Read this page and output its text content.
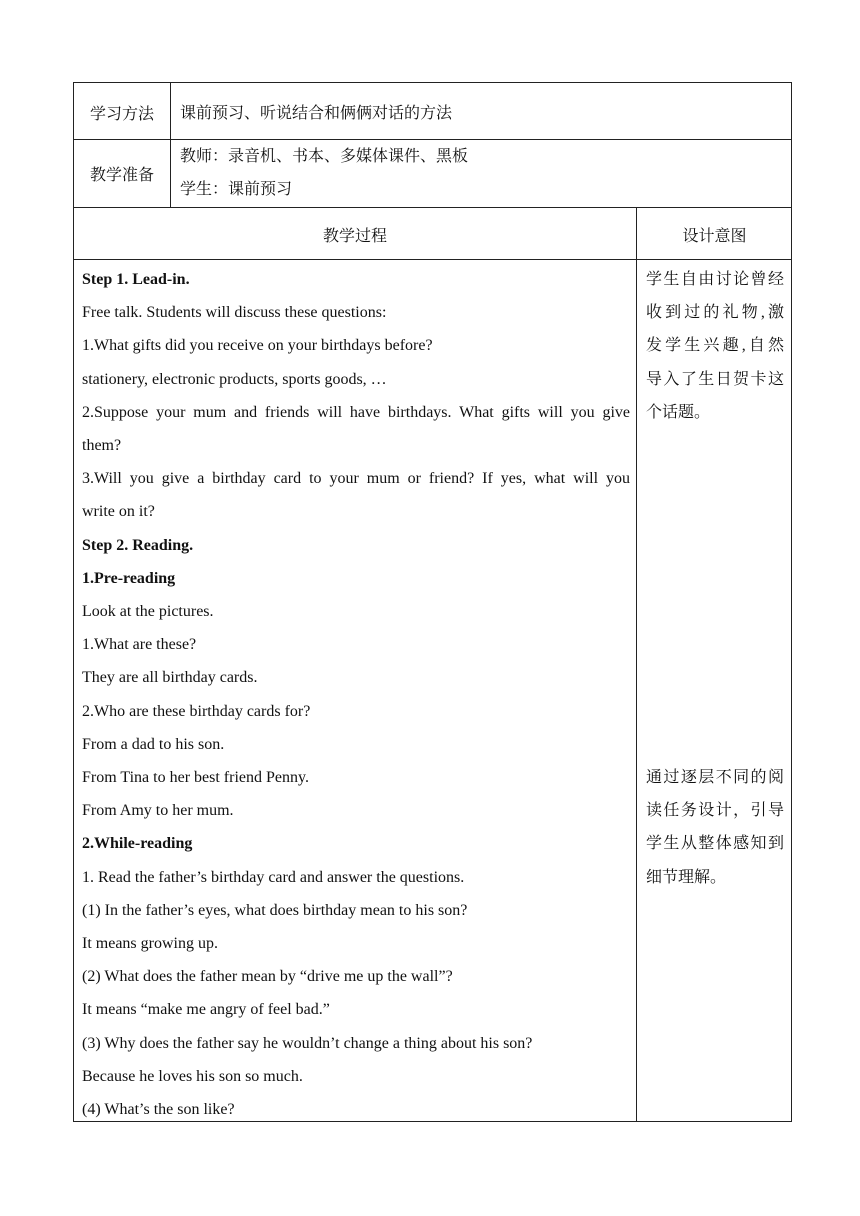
学习方法	课前预习、听说结合和俩俩对话的方法
教学准备
教师：录音机、书本、多媒体课件、黑板
学生：课前预习
教学过程	设计意图
Step 1. Lead-in.
Free talk. Students will discuss these questions:
1.What gifts did you receive on your birthdays before?
stationery, electronic products, sports goods, …
2.Suppose your mum and friends will have birthdays. What gifts will you give
them?
3.Will you give a birthday card to your mum or friend? If yes, what will you
write on it?
Step 2. Reading.
1.Pre-reading
Look at the pictures.
1.What are these?
They are all birthday cards.
2.Who are these birthday cards for?
From a dad to his son.
From Tina to her best friend Penny.
From Amy to her mum.
2.While-reading
1. Read the father’s birthday card and answer the questions.
(1) In the father’s eyes, what does birthday mean to his son?
It means growing up.
(2) What does the father mean by “drive me up the wall”?
It means “make me angry of feel bad.”
(3) Why does the father say he wouldn’t change a thing about his son?
Because he loves his son so much.
(4) What’s the son like?
学生自由讨论曾经
收到过的礼物,激
发学生兴趣,自然
导入了生日贺卡这
个话题。
通过逐层不同的阅
读任务设计，引导
学生从整体感知到
细节理解。
